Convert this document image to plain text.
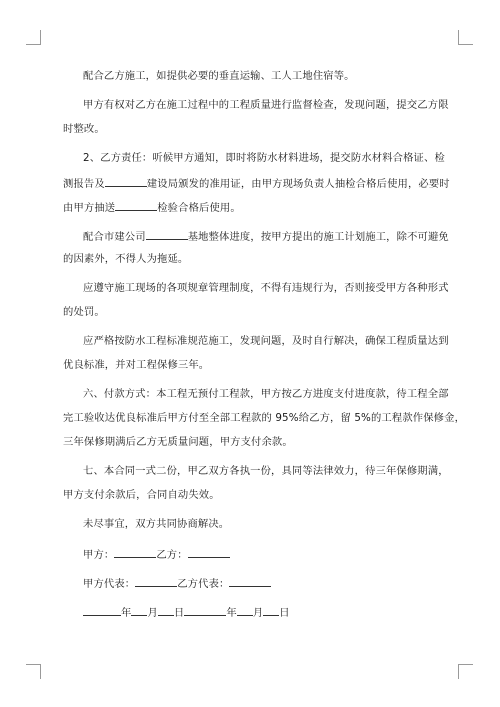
配合乙方施工，如提供必要的垂直运输、工人工地住宿等。
甲方有权对乙方在施工过程中的工程质量进行监督检查，发现问题，提交乙方限
时整改。
2、乙方责任：听候甲方通知，即时将防水材料进场，提交防水材料合格证、检
测报告及	建设局颁发的准用证，由甲方现场负责人抽检合格后使用，必要时
由甲方抽送	检验合格后使用。
配合市建公司	基地整体进度，按甲方提出的施工计划施工，除不可避免
的因素外，不得人为拖延。
应遵守施工现场的各项规章管理制度，不得有违规行为，否则接受甲方各种形式
的处罚。
应严格按防水工程标准规范施工，发现问题，及时自行解决，确保工程质量达到
优良标准，并对工程保修三年。
六、付款方式：本工程无预付工程款，甲方按乙方进度支付进度款，待工程全部
完工验收达优良标准后甲方付至全部工程款的 95%给乙方，留 5%的工程款作保修金，
三年保修期满后乙方无质量问题，甲方支付余款。
七、本合同一式二份，甲乙双方各执一份，具同等法律效力，待三年保修期满，
甲方支付余款后，合同自动失效。
未尽事宜，双方共同协商解决。
甲方：	乙方：
甲方代表：	乙方代表：
年 月 日	年 月 日
